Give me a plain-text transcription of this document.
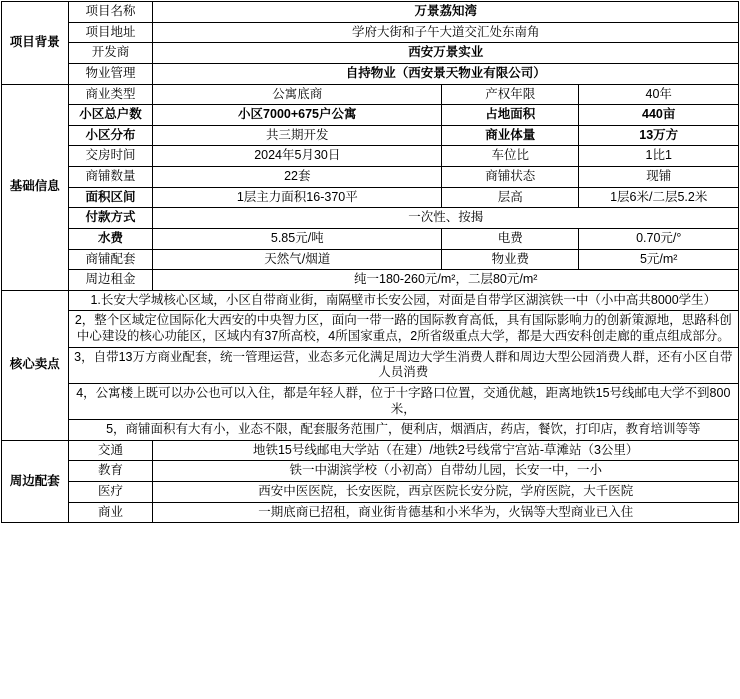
项目背景	项目名称	万景荔知湾		
	项目地址	学府大街和子午大道交汇处东南角		
	开发商	西安万景实业		
	物业管理	自持物业（西安景天物业有限公司）		
基础信息	商业类型	公寓底商	产权年限	40年
	小区总户数	小区7000+675户公寓	占地面积	440亩
	小区分布	共三期开发	商业体量	13万方
	交房时间	2024年5月30日	车位比	1比1
	商铺数量	22套	商铺状态	现铺
	面积区间	1层主力面积16-370平	层高	1层6米/二层5.2米
	付款方式	一次性、按揭		
	水费	5.85元/吨	电费	0.70元/°
	商铺配套	天然气/烟道	物业费	5元/m²
	周边租金	纯一180-260元/m²，二层80元/m²		
核心卖点	1.长安大学城核心区域，小区自带商业街，南隔壁市长安公园，对面是自带学区湖滨铁一中（小中高共8000学生）			
	2，整个区域定位国际化大西安的中央智力区，面向一带一路的国际教育高低，具有国际影响力的创新策源地，思路科创中心建设的核心功能区，区域内有37所高校，4所国家重点，2所省级重点大学，都是大西安科创走廊的重点组成部分。			
	3，自带13万方商业配套，统一管理运营，业态多元化满足周边大学生消费人群和周边大型公园消费人群，还有小区自带人员消费			
	4，公寓楼上既可以办公也可以入住，都是年轻人群，位于十字路口位置，交通优越，距离地铁15号线邮电大学不到800米，			
	5，商铺面积有大有小，业态不限，配套服务范围广，便利店，烟酒店，药店，餐饮，打印店，教育培训等等			
周边配套	交通	地铁15号线邮电大学站（在建）/地铁2号线常宁宫站-草滩站（3公里）		
	教育	铁一中湖滨学校（小初高）自带幼儿园，长安一中，一小		
	医疗	西安中医医院，长安医院，西京医院长安分院，学府医院，大千医院		
	商业	一期底商已招租，商业街肯德基和小米华为，火锅等大型商业已入住		
